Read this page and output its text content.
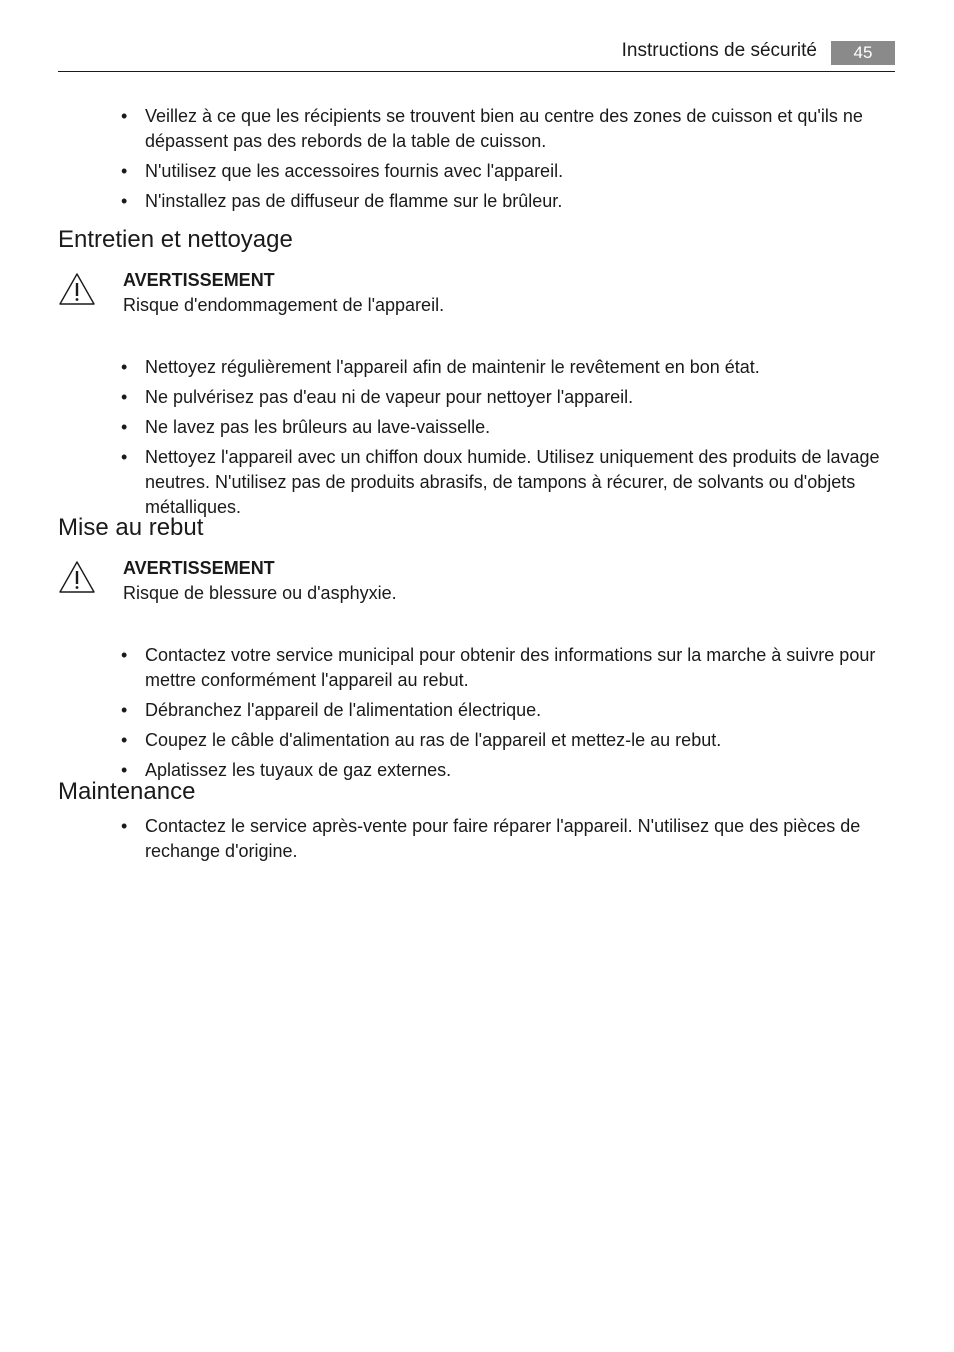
Instructions de sécurité	45
• Veillez à ce que les récipients se trouvent bien au centre des zones de cuisson et qu'ils ne dépassent pas des rebords de la table de cuisson.
• N'utilisez que les accessoires fournis avec l'appareil.
• N'installez pas de diffuseur de flamme sur le brûleur.
Entretien et nettoyage
AVERTISSEMENT
Risque d'endommagement de l'appareil.
• Nettoyez régulièrement l'appareil afin de maintenir le revêtement en bon état.
• Ne pulvérisez pas d'eau ni de vapeur pour nettoyer l'appareil.
• Ne lavez pas les brûleurs au lave-vaisselle.
• Nettoyez l'appareil avec un chiffon doux humide. Utilisez uniquement des produits de lavage neutres. N'utilisez pas de produits abrasifs, de tampons à récurer, de solvants ou d'objets métalliques.
Mise au rebut
AVERTISSEMENT
Risque de blessure ou d'asphyxie.
• Contactez votre service municipal pour obtenir des informations sur la marche à suivre pour mettre conformément l'appareil au rebut.
• Débranchez l'appareil de l'alimentation électrique.
• Coupez le câble d'alimentation au ras de l'appareil et mettez-le au rebut.
• Aplatissez les tuyaux de gaz externes.
Maintenance
• Contactez le service après-vente pour faire réparer l'appareil. N'utilisez que des pièces de rechange d'origine.
